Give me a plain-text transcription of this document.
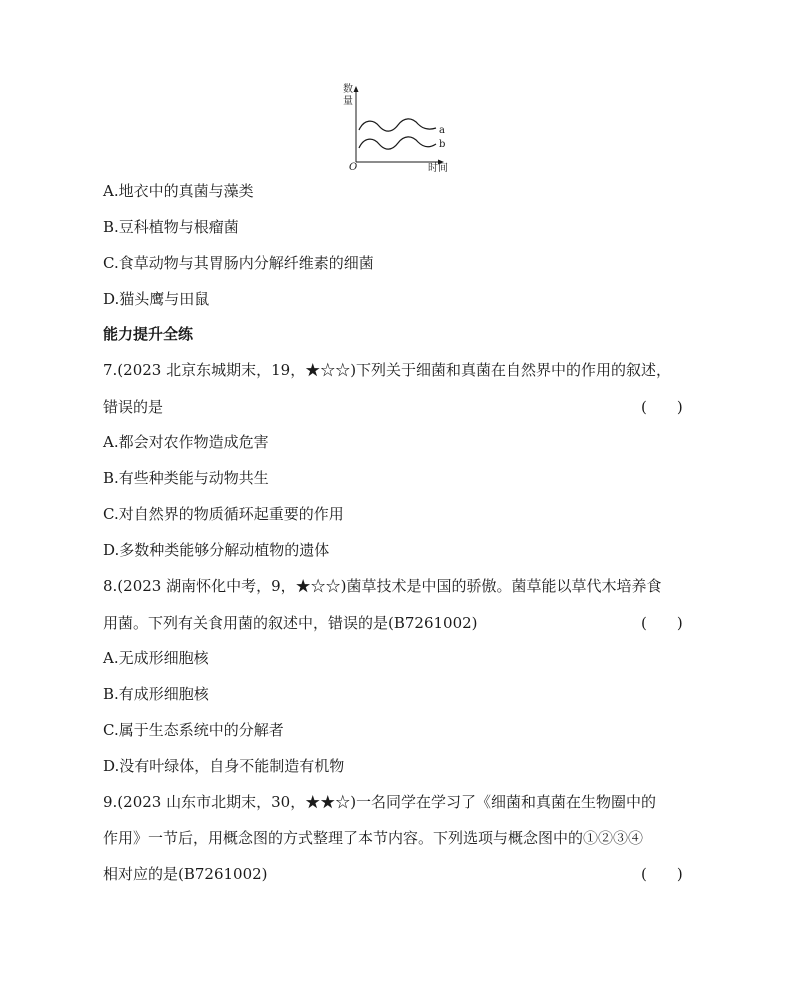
数
量
O	时间
a
b
A.地衣中的真菌与藻类
B.豆科植物与根瘤菌
C.食草动物与其胃肠内分解纤维素的细菌
D.猫头鹰与田鼠
能力提升全练
7.(2023 北京东城期末，19，★☆☆)下列关于细菌和真菌在自然界中的作用的叙述，
错误的是	(　　)
A.都会对农作物造成危害
B.有些种类能与动物共生
C.对自然界的物质循环起重要的作用
D.多数种类能够分解动植物的遗体
8.(2023 湖南怀化中考，9，★☆☆)菌草技术是中国的骄傲。菌草能以草代木培养食
用菌。下列有关食用菌的叙述中，错误的是(B7261002)	(　　)
A.无成形细胞核
B.有成形细胞核
C.属于生态系统中的分解者
D.没有叶绿体，自身不能制造有机物
9.(2023 山东市北期末，30，★★☆)一名同学在学习了《细菌和真菌在生物圈中的
作用》一节后，用概念图的方式整理了本节内容。下列选项与概念图中的①②③④
相对应的是(B7261002)	(　　)
